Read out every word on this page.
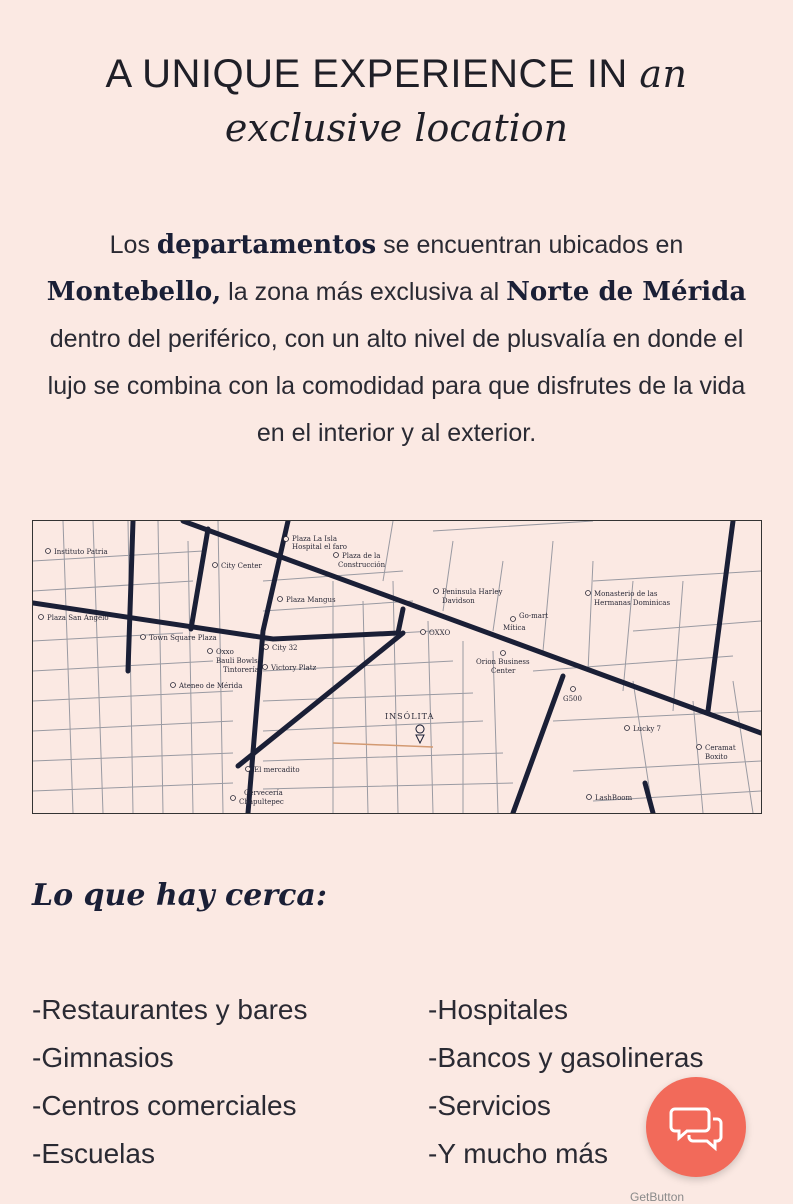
A UNIQUE EXPERIENCE IN an
exclusive location
Los departamentos se encuentran ubicados en Montebello, la zona más exclusiva al Norte de Mérida dentro del periférico, con un alto nivel de plusvalía en donde el lujo se combina con la comodidad para que disfrutes de la vida en el interior y al exterior.
INSÓLITA
Instituto Patria
Plaza San Angelo
City Center
Town Square Plaza
Oxxo
Bauli Bowls
Tintorería
Ateneo de Mérida
Plaza La Isla
Hospital el faro
Plaza de la
Construcción
Plaza Mangus
City 32
Victory Platz
El mercadito
Cervecería
Chapultepec
OXXO
Peninsula Harley
Davidson
Mítica
Go-mart
Orion Business
Center
Monasterio de las
Hermanas Dominicas
G500
Lucky 7
Ceramat
Boxito
LashBoom
Lo que hay cerca:
-Restaurantes y bares
-Gimnasios
-Centros comerciales
-Escuelas
-Hospitales
-Bancos y gasolineras
-Servicios
-Y mucho más
GetButton
